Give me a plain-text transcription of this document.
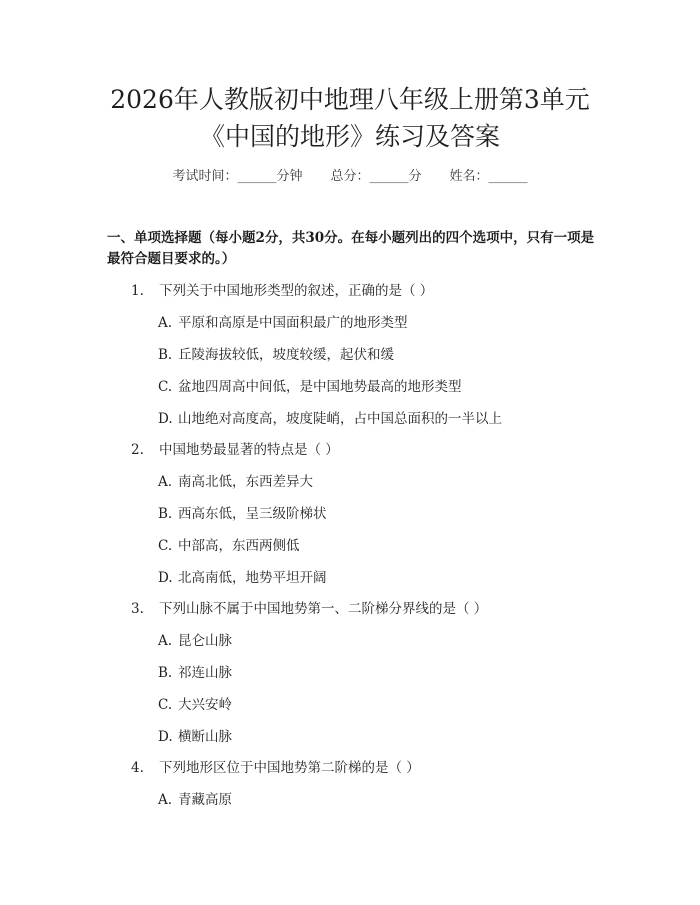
2026年人教版初中地理八年级上册第3单元
《中国的地形》练习及答案
考试时间：______分钟 总分：______分 姓名：______
一、单项选择题（每小题2分，共30分。在每小题列出的四个选项中，只有一项是最符合题目要求的。）
1. 下列关于中国地形类型的叙述，正确的是（ ）
A. 平原和高原是中国面积最广的地形类型
B. 丘陵海拔较低，坡度较缓，起伏和缓
C. 盆地四周高中间低，是中国地势最高的地形类型
D. 山地绝对高度高，坡度陡峭，占中国总面积的一半以上
2. 中国地势最显著的特点是（ ）
A. 南高北低，东西差异大
B. 西高东低，呈三级阶梯状
C. 中部高，东西两侧低
D. 北高南低，地势平坦开阔
3. 下列山脉不属于中国地势第一、二阶梯分界线的是（ ）
A. 昆仑山脉
B. 祁连山脉
C. 大兴安岭
D. 横断山脉
4. 下列地形区位于中国地势第二阶梯的是（ ）
A. 青藏高原
